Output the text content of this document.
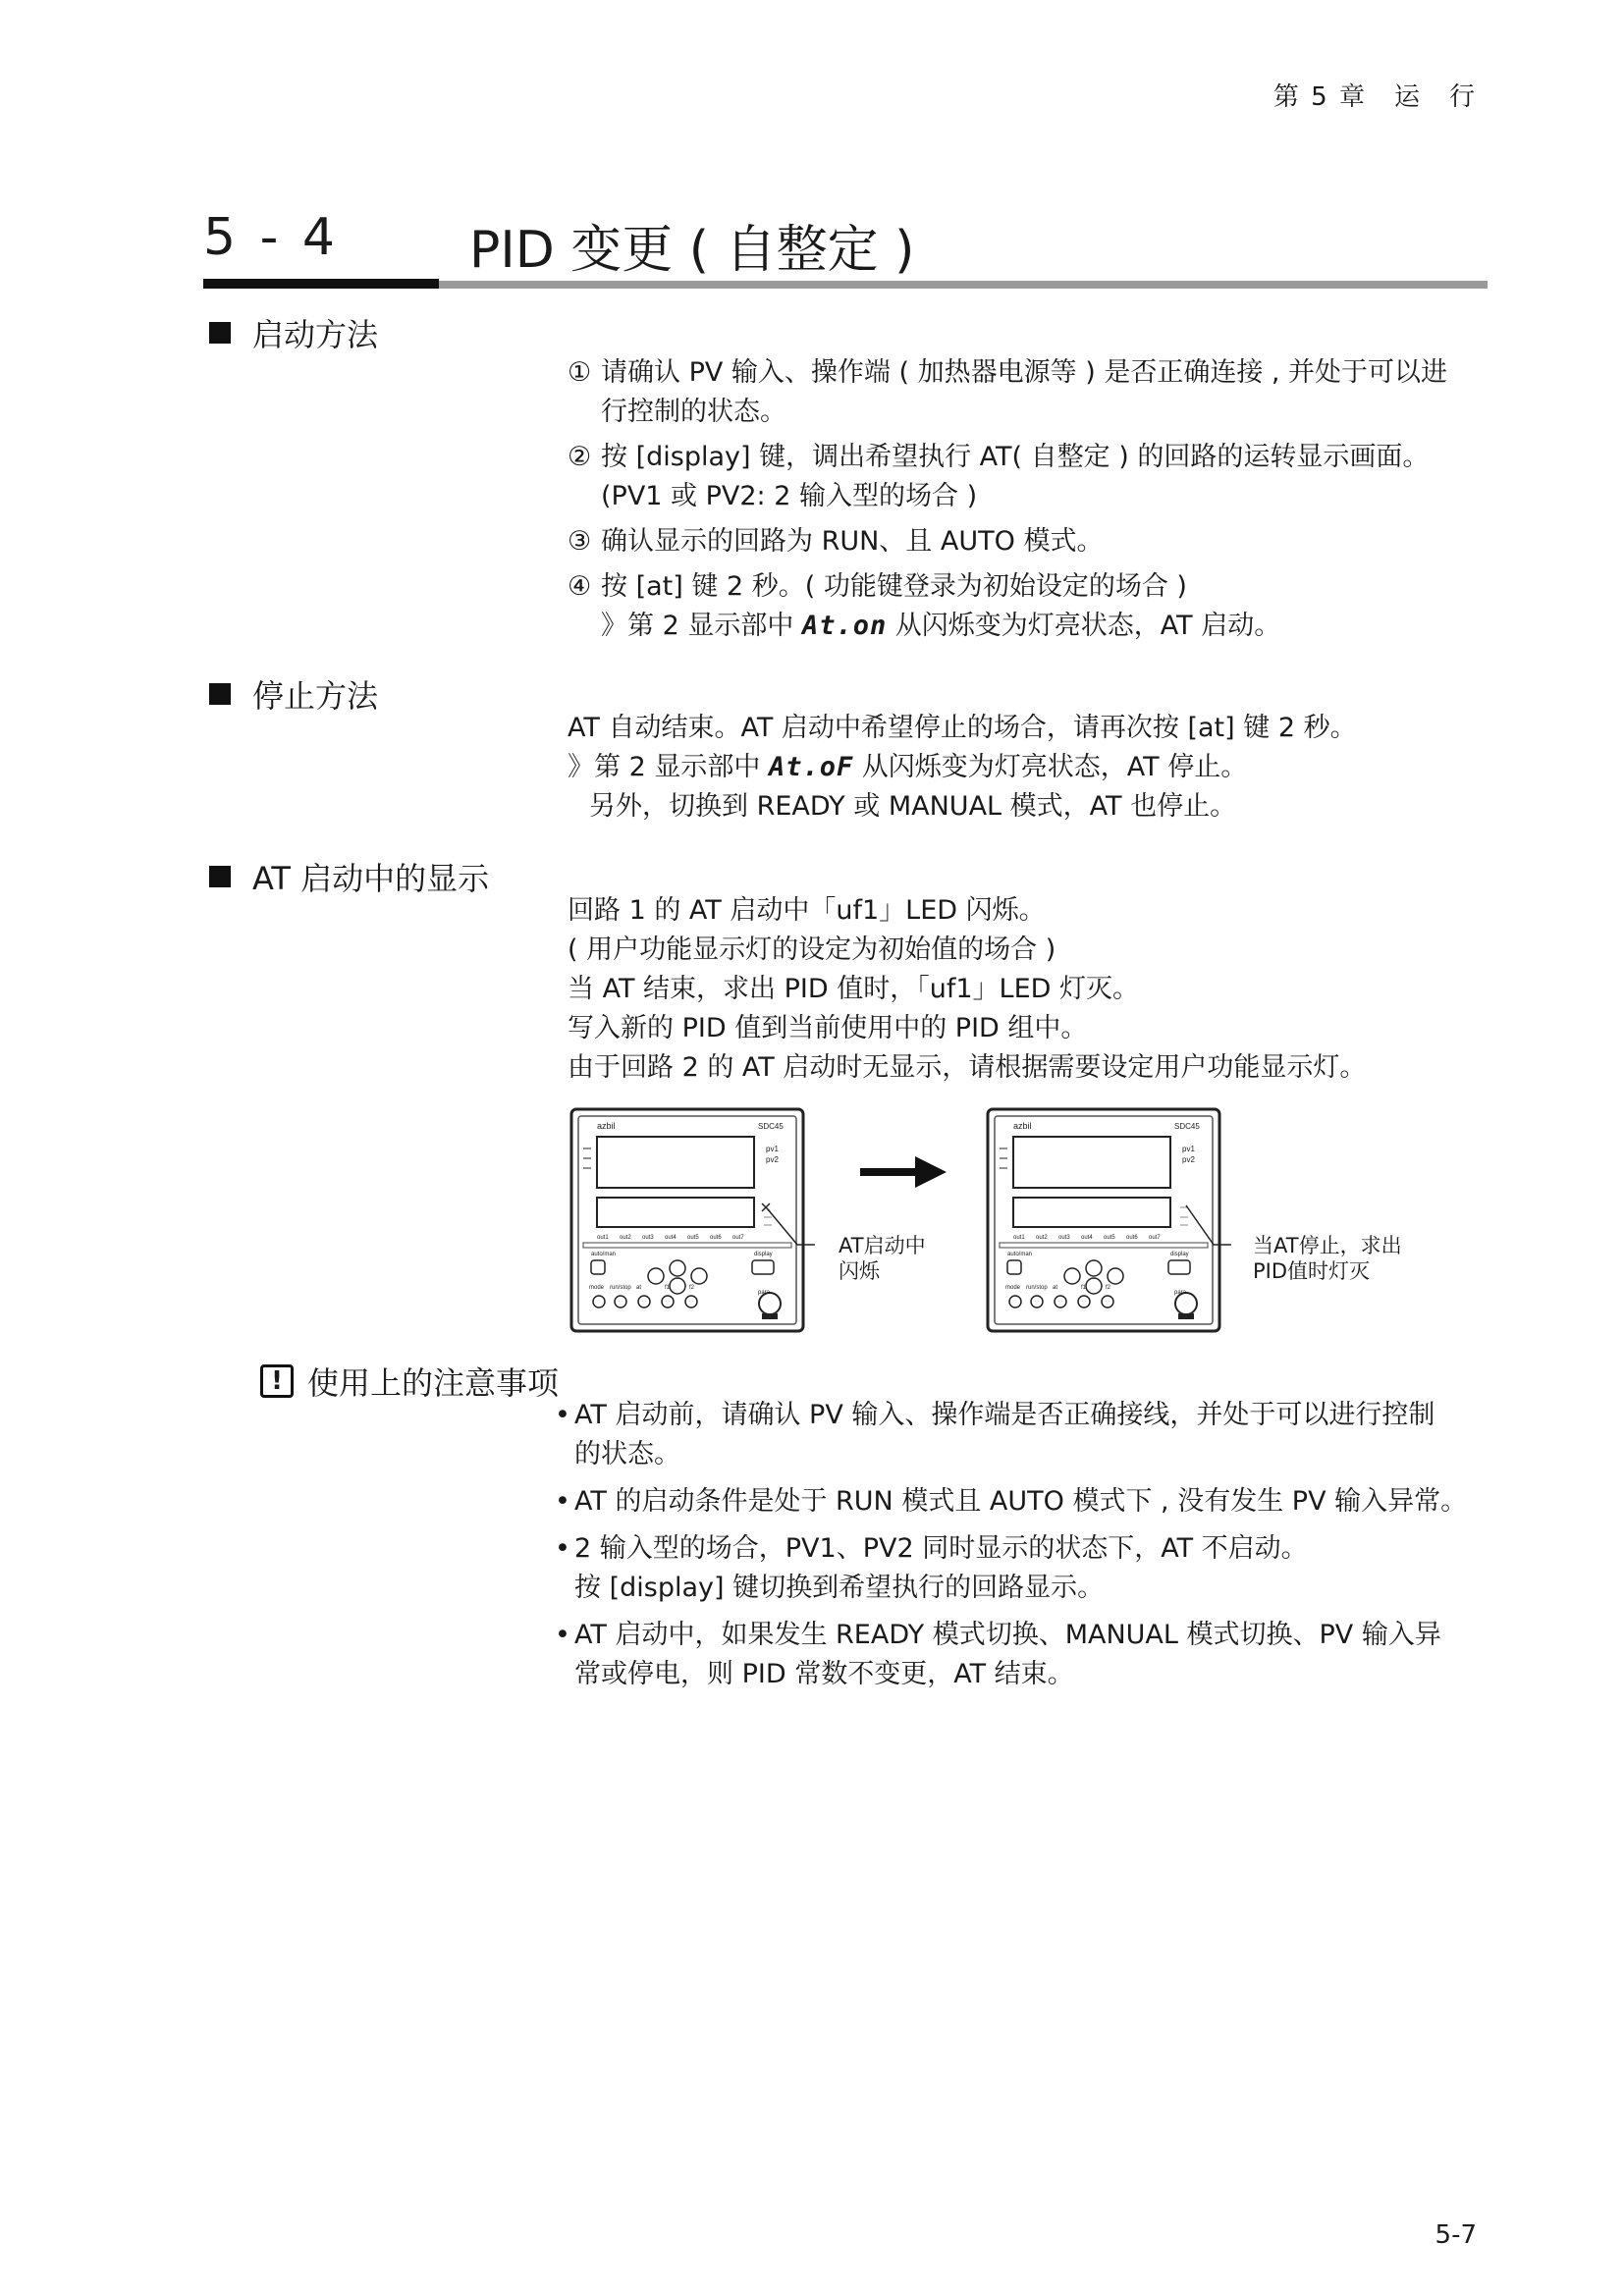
第 5 章　运　行
5 - 4	PID 变更 ( 自整定 )
启动方法
① 请确认 PV 输入、操作端 ( 加热器电源等 ) 是否正确连接 , 并处于可以进
行控制的状态。
② 按 [display] 键，调出希望执行 AT( 自整定 ) 的回路的运转显示画面。
(PV1 或 PV2: 2 输入型的场合 )
③ 确认显示的回路为 RUN、且 AUTO 模式。
④ 按 [at] 键 2 秒。( 功能键登录为初始设定的场合 )
》第 2 显示部中 At.on 从闪烁变为灯亮状态，AT 启动。
停止方法
AT 自动结束。AT 启动中希望停止的场合，请再次按 [at] 键 2 秒。
》第 2 显示部中 At.oF 从闪烁变为灯亮状态，AT 停止。
另外，切换到 READY 或 MANUAL 模式，AT 也停止。
AT 启动中的显示
回路 1 的 AT 启动中「uf1」LED 闪烁。
( 用户功能显示灯的设定为初始值的场合 )
当 AT 结束，求出 PID 值时，「uf1」LED 灯灭。
写入新的 PID 值到当前使用中的 PID 组中。
由于回路 2 的 AT 启动时无显示，请根据需要设定用户功能显示灯。
azbil	SDC45
pv1
pv2
out1 out2 out3 out4 out5 out6 out7
auto/man	display
mode run/stop at	f1	f2
para
azbil	SDC45
pv1
pv2
out1 out2 out3 out4 out5 out6 out7
auto/man	display
mode run/stop at	f1	f2
para
AT启动中
闪烁
当AT停止，求出
PID值时灯灭
! 使用上的注意事项
• AT 启动前，请确认 PV 输入、操作端是否正确接线，并处于可以进行控制
的状态。
• AT 的启动条件是处于 RUN 模式且 AUTO 模式下 , 没有发生 PV 输入异常。
• 2 输入型的场合，PV1、PV2 同时显示的状态下，AT 不启动。
按 [display] 键切换到希望执行的回路显示。
• AT 启动中，如果发生 READY 模式切换、MANUAL 模式切换、PV 输入异
常或停电，则 PID 常数不变更，AT 结束。
5-7
